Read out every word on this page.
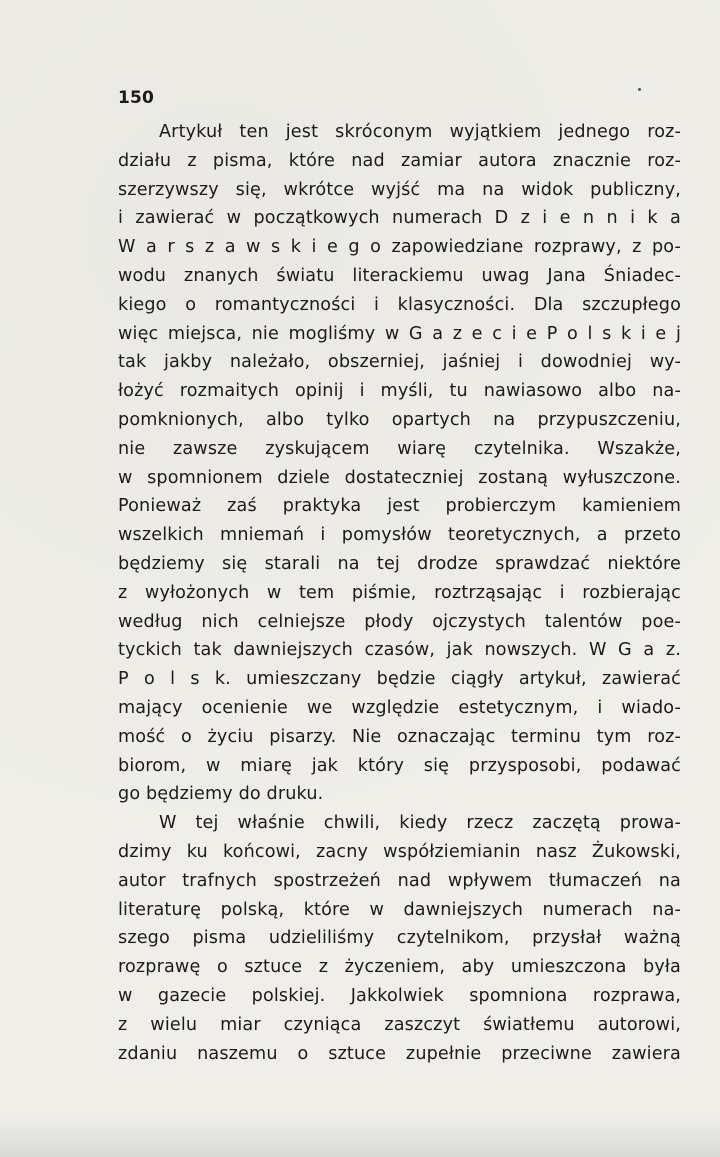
150
Artykuł ten jest skróconym wyjątkiem jednego roz-
działu z pisma, które nad zamiar autora znacznie roz-
szerzywszy się, wkrótce wyjść ma na widok publiczny,
i zawierać w początkowych numerach D z i e n n i k a
W a r s z a w s k i e g o zapowiedziane rozprawy, z po-
wodu znanych światu literackiemu uwag Jana Śniadec-
kiego o romantyczności i klasyczności. Dla szczupłego
więc miejsca, nie mogliśmy w G a z e c i e P o l s k i e j
tak jakby należało, obszerniej, jaśniej i dowodniej wy-
łożyć rozmaitych opinij i myśli, tu nawiasowo albo na-
pomknionych, albo tylko opartych na przypuszczeniu,
nie zawsze zyskującem wiarę czytelnika. Wszakże,
w spomnionem dziele dostateczniej zostaną wyłuszczone.
Ponieważ zaś praktyka jest probierczym kamieniem
wszelkich mniemań i pomysłów teoretycznych, a przeto
będziemy się starali na tej drodze sprawdzać niektóre
z wyłożonych w tem piśmie, roztrząsając i rozbierając
według nich celniejsze płody ojczystych talentów poe-
tyckich tak dawniejszych czasów, jak nowszych. W G a z.
P o l s k. umieszczany będzie ciągły artykuł, zawierać
mający ocenienie we względzie estetycznym, i wiado-
mość o życiu pisarzy. Nie oznaczając terminu tym roz-
biorom, w miarę jak który się przysposobi, podawać
go będziemy do druku.
W tej właśnie chwili, kiedy rzecz zaczętą prowa-
dzimy ku końcowi, zacny współziemianin nasz Żukowski,
autor trafnych spostrzeżeń nad wpływem tłumaczeń na
literaturę polską, które w dawniejszych numerach na-
szego pisma udzieliliśmy czytelnikom, przysłał ważną
rozprawę o sztuce z życzeniem, aby umieszczona była
w gazecie polskiej. Jakkolwiek spomniona rozprawa,
z wielu miar czyniąca zaszczyt światłemu autorowi,
zdaniu naszemu o sztuce zupełnie przeciwne zawiera
